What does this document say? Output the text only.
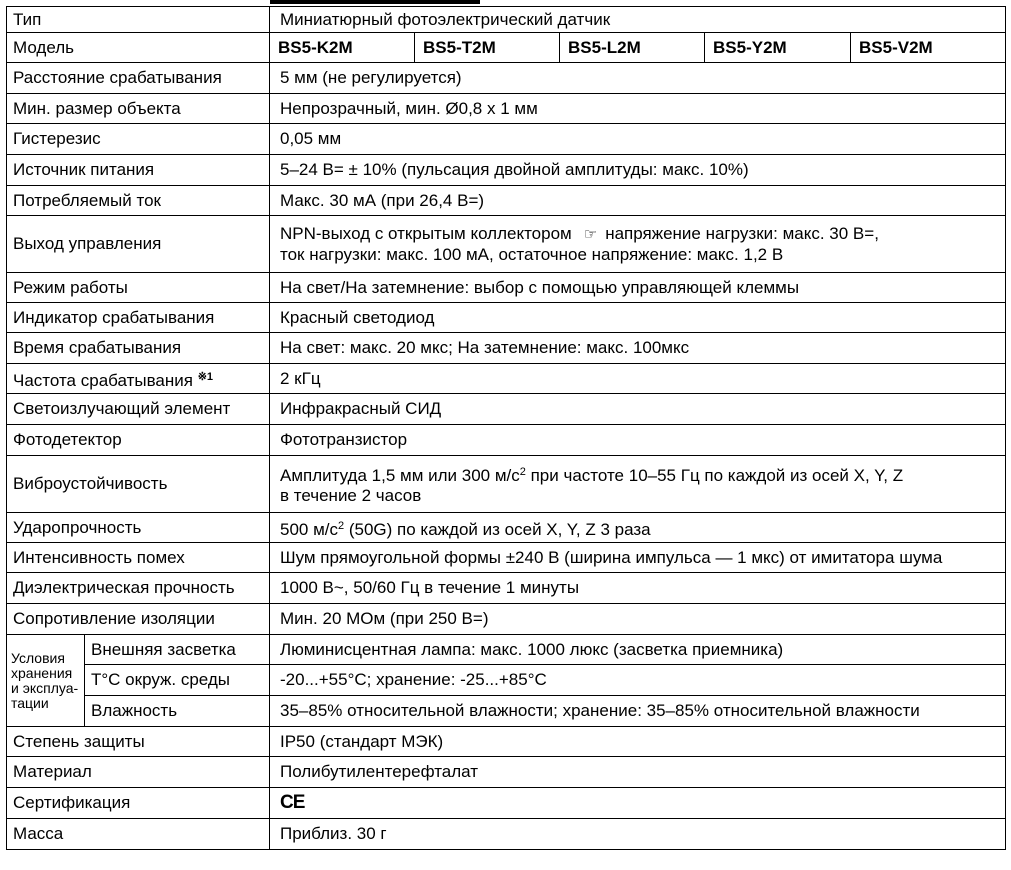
Тип		Миниатюрный фотоэлектрический датчик				
Модель		BS5-K2M	BS5-T2M	BS5-L2M	BS5-Y2M	BS5-V2M
Расстояние срабатывания		5 мм (не регулируется)				
Мин. размер объекта		Непрозрачный, мин. Ø0,8 x 1 мм				
Гистерезис		0,05 мм				
Источник питания		5–24 В= ± 10% (пульсация двойной амплитуды: макс. 10%)				
Потребляемый ток		Макс. 30 мА (при 26,4 В=)				
Выход управления		NPN-выход с открытым коллектором ☞ напряжение нагрузки: макс. 30 В=,
ток нагрузки: макс. 100 мА, остаточное напряжение: макс. 1,2 В				
Режим работы		На свет/На затемнение: выбор с помощью управляющей клеммы				
Индикатор срабатывания		Красный светодиод				
Время срабатывания		На свет: макс. 20 мкс; На затемнение: макс. 100мкс				
Частота срабатывания $^{※1}$		2 кГц				
Светоизлучающий элемент		Инфракрасный СИД				
Фотодетектор		Фототранзистор				
Виброустойчивость		Амплитуда 1,5 мм или 300 $м/с^2$ при частоте 10–55 Гц по каждой из осей X, Y, Z
в течение 2 часов				
Ударопрочность		500 $м/с^2$ (50G) по каждой из осей X, Y, Z 3 раза				
Интенсивность помех		Шум прямоугольной формы ±240 В (ширина импульса — 1 мкс) от имитатора шума				
Диэлектрическая прочность		1000 В~, 50/60 Гц в течение 1 минуты				
Сопротивление изоляции		Мин. 20 МОм (при 250 В=)				
Условия хранения и эксплуа-тации	Внешняя засветка	Люминисцентная лампа: макс. 1000 люкс (засветка приемника)				
	T°C окруж. среды	-20...+55°C; хранение: -25...+85°C				
	Влажность	35–85% относительной влажности; хранение: 35–85% относительной влажности				
Степень защиты		IP50 (стандарт МЭК)				
Материал		Полибутилентерефталат				
Сертификация		CE				
Масса		Приблиз. 30 г				
